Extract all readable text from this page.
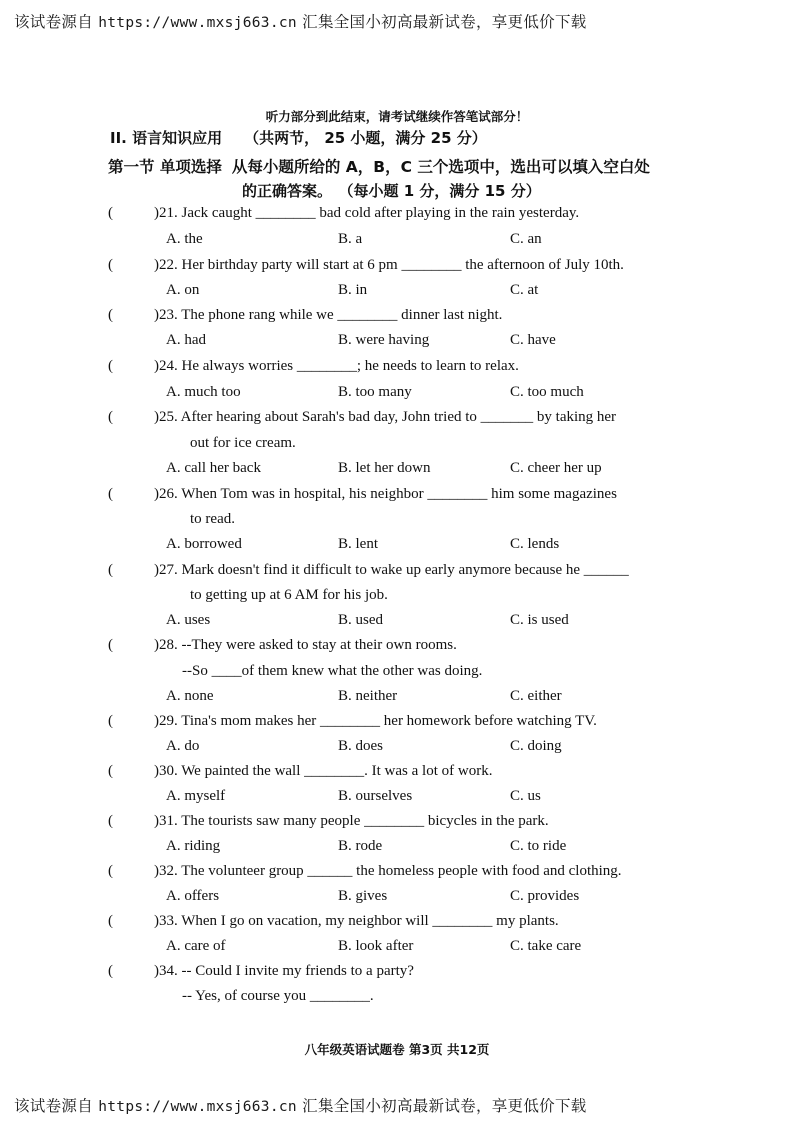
该试卷源自 https://www.mxsj663.cn 汇集全国小初高最新试卷，享更低价下载
听力部分到此结束，请考试继续作答笔试部分！
II. 语言知识应用 （共两节， 25 小题，满分 25 分）
第一节 单项选择 从每小题所给的 A，B，C 三个选项中，选出可以填入空白处
的正确答案。 （每小题 1 分，满分 15 分）
(	)21. Jack caught ________ bad cold after playing in the rain yesterday.
A. the	B. a	C. an
(	)22. Her birthday party will start at 6 pm ________ the afternoon of July 10th.
A. on	B. in	C. at
(	)23. The phone rang while we ________ dinner last night.
A. had	B. were having	C. have
(	)24. He always worries ________; he needs to learn to relax.
A. much too	B. too many	C. too much
(	)25. After hearing about Sarah's bad day, John tried to _______ by taking her
out for ice cream.
A. call her back	B. let her down	C. cheer her up
(	)26. When Tom was in hospital, his neighbor ________ him some magazines
to read.
A. borrowed	B. lent	C. lends
(	)27. Mark doesn't find it difficult to wake up early anymore because he ______
to getting up at 6 AM for his job.
A. uses	B. used	C. is used
(	)28. --They were asked to stay at their own rooms.
--So ____of them knew what the other was doing.
A. none	B. neither	C. either
(	)29. Tina's mom makes her ________ her homework before watching TV.
A. do	B. does	C. doing
(	)30. We painted the wall ________. It was a lot of work.
A. myself	B. ourselves	C. us
(	)31. The tourists saw many people ________ bicycles in the park.
A. riding	B. rode	C. to ride
(	)32. The volunteer group ______ the homeless people with food and clothing.
A. offers	B. gives	C. provides
(	)33. When I go on vacation, my neighbor will ________ my plants.
A. care of	B. look after	C. take care
(	)34. -- Could I invite my friends to a party?
-- Yes, of course you ________.
八年级英语试题卷 第3页 共12页
该试卷源自 https://www.mxsj663.cn 汇集全国小初高最新试卷，享更低价下载
